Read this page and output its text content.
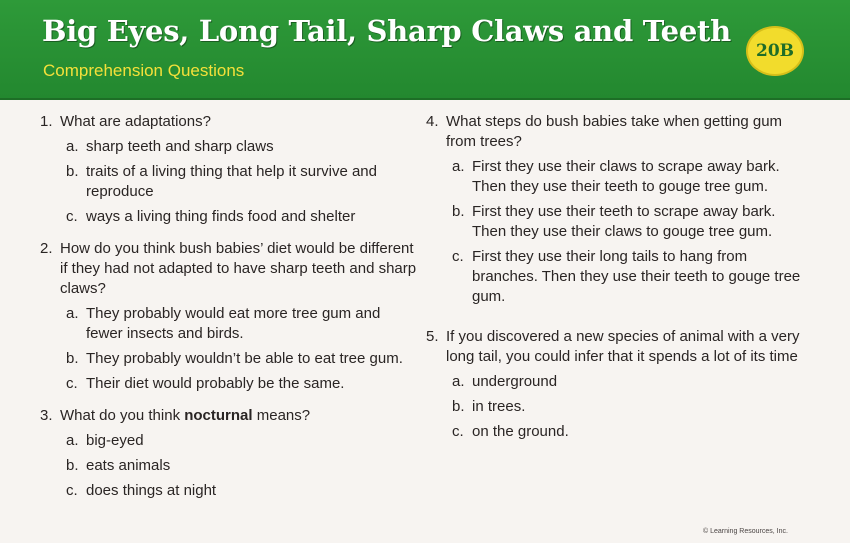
Big Eyes, Long Tail, Sharp Claws and Teeth
Comprehension Questions
20B
1. What are adaptations?
a. sharp teeth and sharp claws
b. traits of a living thing that help it survive and reproduce
c. ways a living thing finds food and shelter
2. How do you think bush babies’ diet would be different if they had not adapted to have sharp teeth and sharp claws?
a. They probably would eat more tree gum and fewer insects and birds.
b. They probably wouldn’t be able to eat tree gum.
c. Their diet would probably be the same.
3. What do you think nocturnal means?
a. big-eyed
b. eats animals
c. does things at night
4. What steps do bush babies take when getting gum from trees?
a. First they use their claws to scrape away bark. Then they use their teeth to gouge tree gum.
b. First they use their teeth to scrape away bark. Then they use their claws to gouge tree gum.
c. First they use their long tails to hang from branches. Then they use their teeth to gouge tree gum.
5. If you discovered a new species of animal with a very long tail, you could infer that it spends a lot of its time
a. underground
b. in trees.
c. on the ground.
© Learning Resources, Inc.
